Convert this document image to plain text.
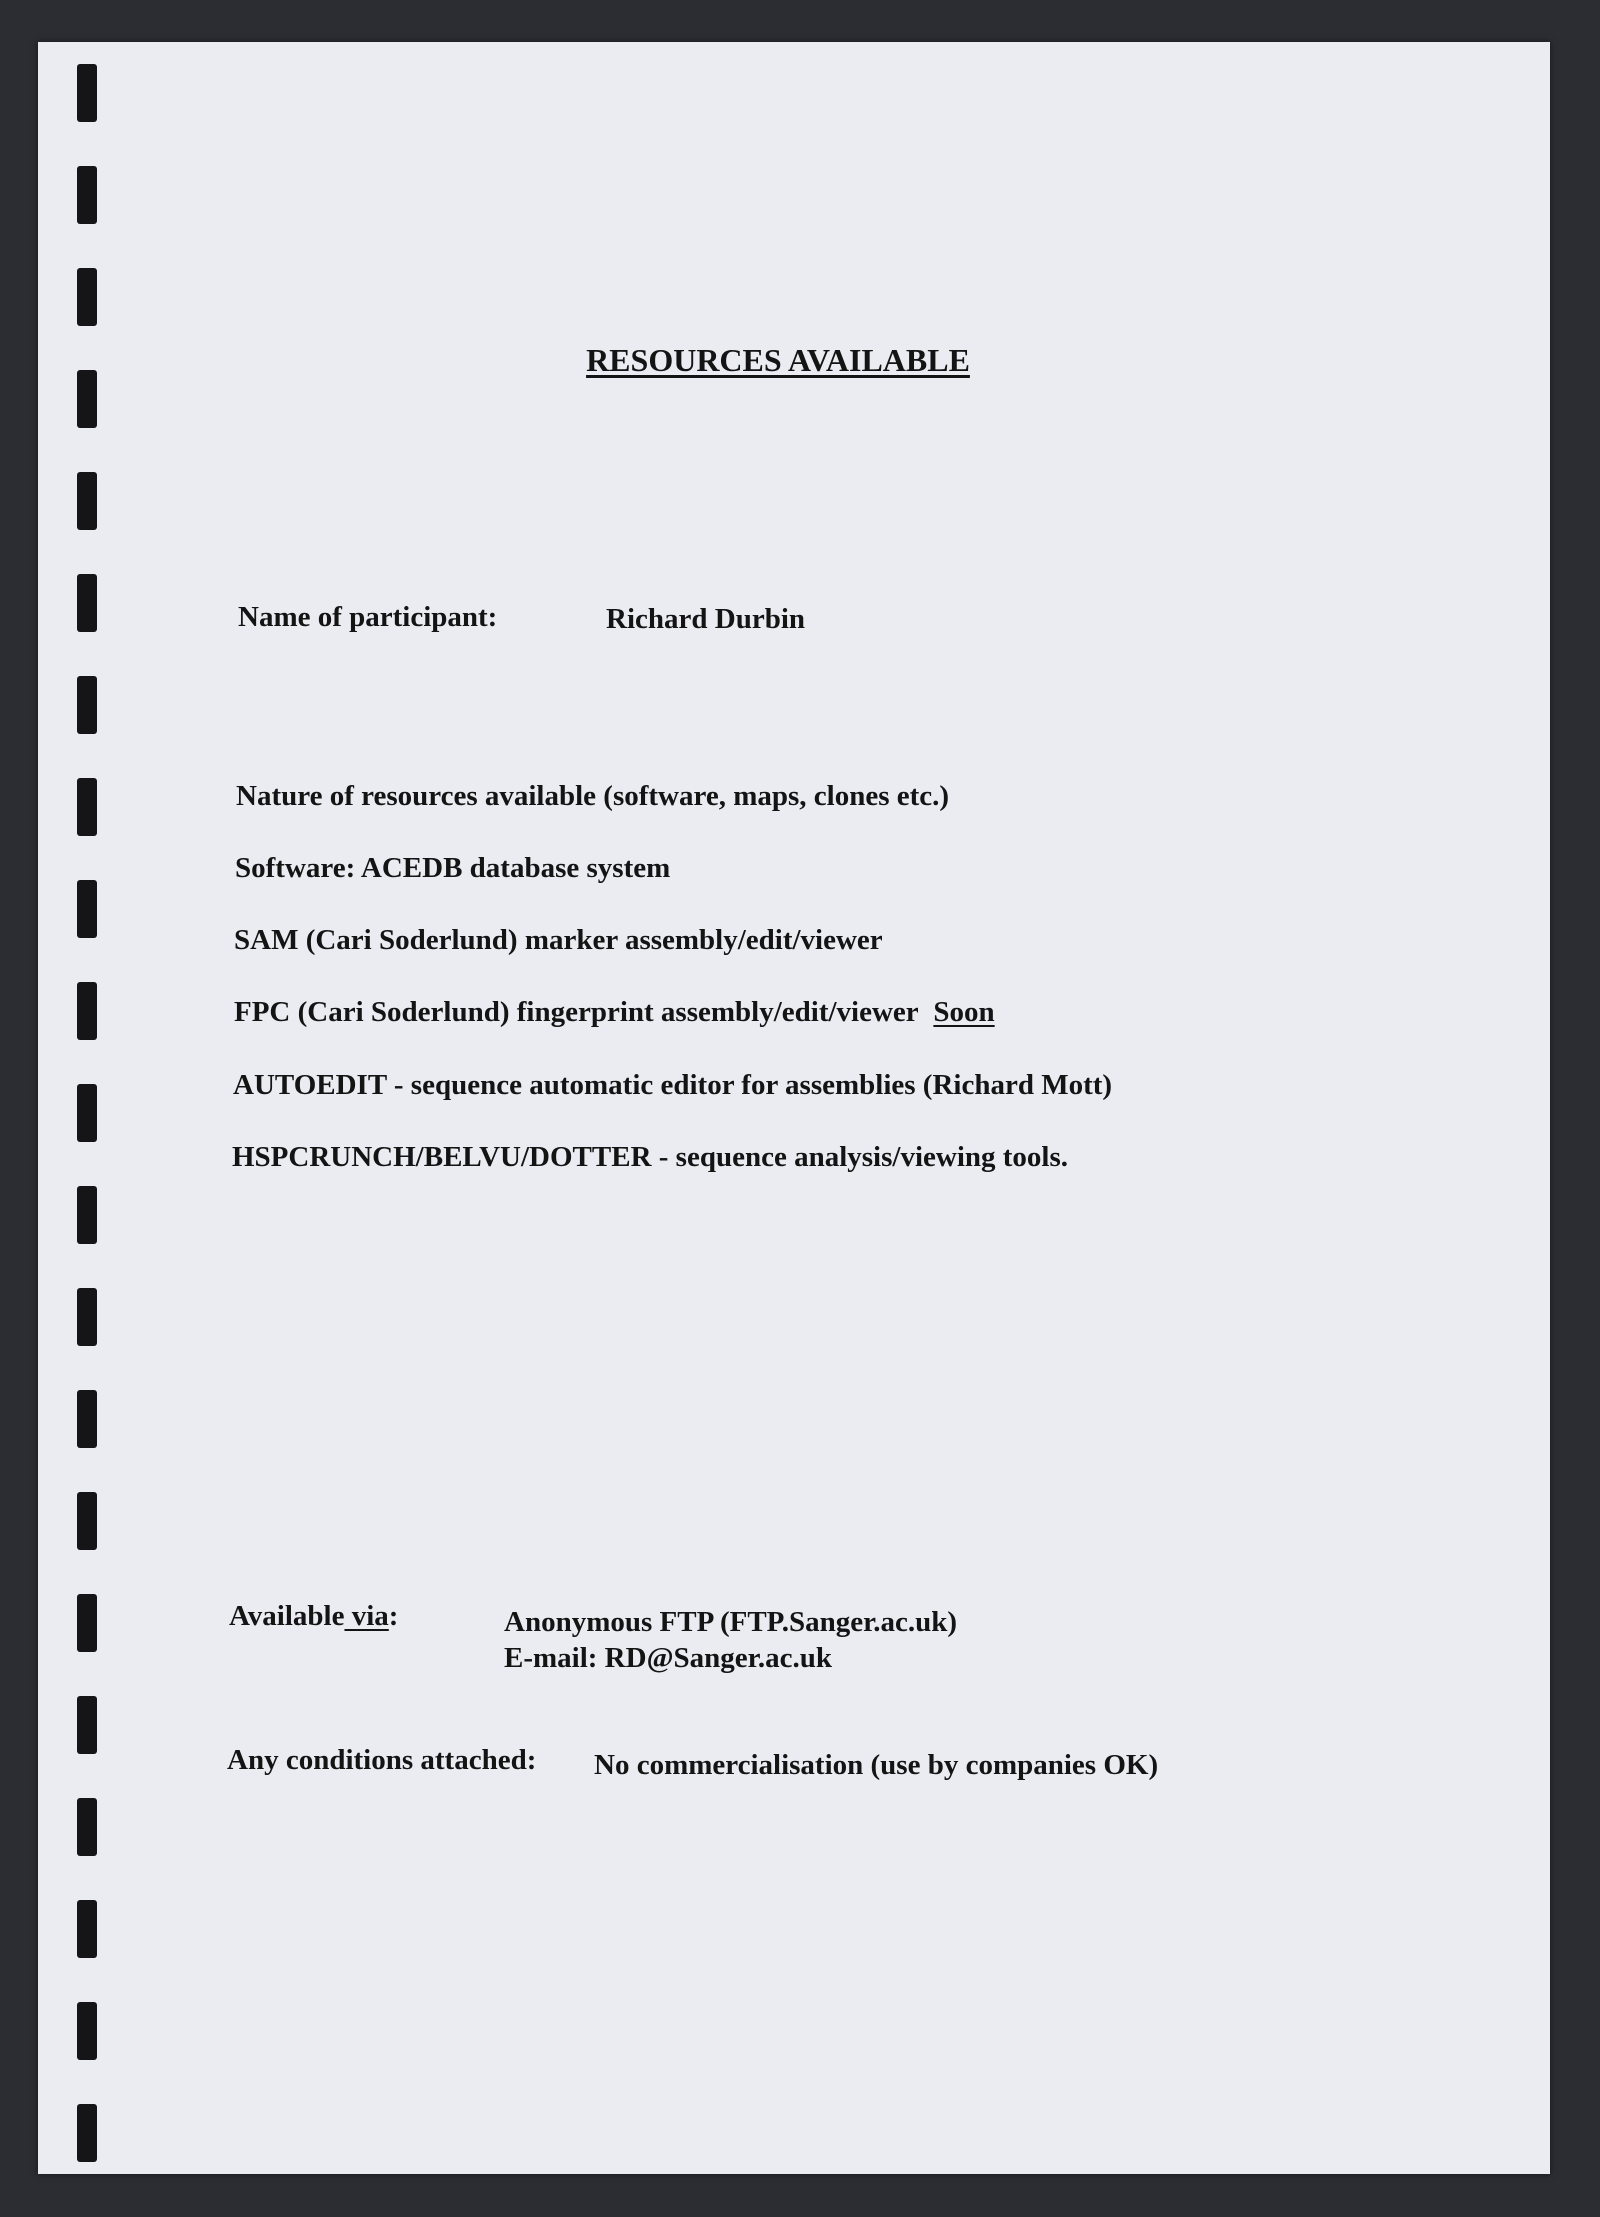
RESOURCES AVAILABLE
Name of participant:	Richard Durbin
Nature of resources available (software, maps, clones etc.)
Software: ACEDB database system
SAM (Cari Soderlund) marker assembly/edit/viewer
FPC (Cari Soderlund) fingerprint assembly/edit/viewer Soon
AUTOEDIT - sequence automatic editor for assemblies (Richard Mott)
HSPCRUNCH/BELVU/DOTTER - sequence analysis/viewing tools.
Available via:	Anonymous FTP (FTP.Sanger.ac.uk)
E-mail: RD@Sanger.ac.uk
Any conditions attached: No commercialisation (use by companies OK)
